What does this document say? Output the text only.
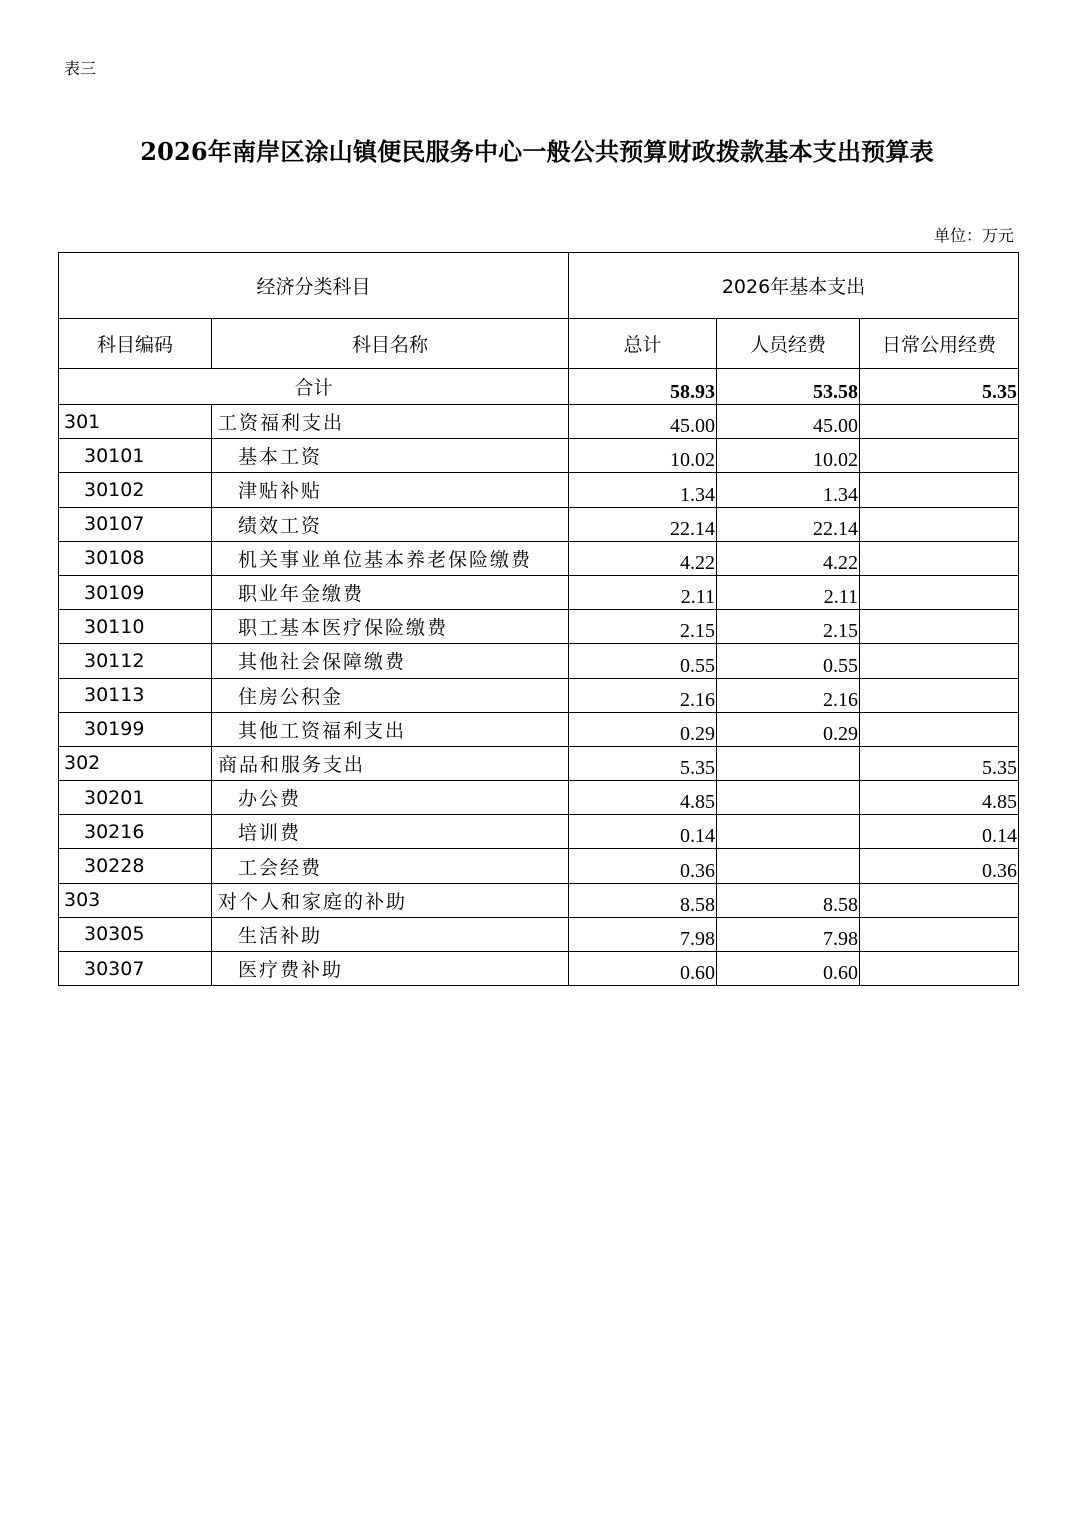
表三
2026年南岸区涂山镇便民服务中心一般公共预算财政拨款基本支出预算表
单位：万元
经济分类科目		2026年基本支出		
科目编码	科目名称	总计	人员经费	日常公用经费
合计		58.93	53.58	5.35
301	工资福利支出	45.00	45.00	
30101	基本工资	10.02	10.02	
30102	津贴补贴	1.34	1.34	
30107	绩效工资	22.14	22.14	
30108	机关事业单位基本养老保险缴费	4.22	4.22	
30109	职业年金缴费	2.11	2.11	
30110	职工基本医疗保险缴费	2.15	2.15	
30112	其他社会保障缴费	0.55	0.55	
30113	住房公积金	2.16	2.16	
30199	其他工资福利支出	0.29	0.29	
302	商品和服务支出	5.35		5.35
30201	办公费	4.85		4.85
30216	培训费	0.14		0.14
30228	工会经费	0.36		0.36
303	对个人和家庭的补助	8.58	8.58	
30305	生活补助	7.98	7.98	
30307	医疗费补助	0.60	0.60	
